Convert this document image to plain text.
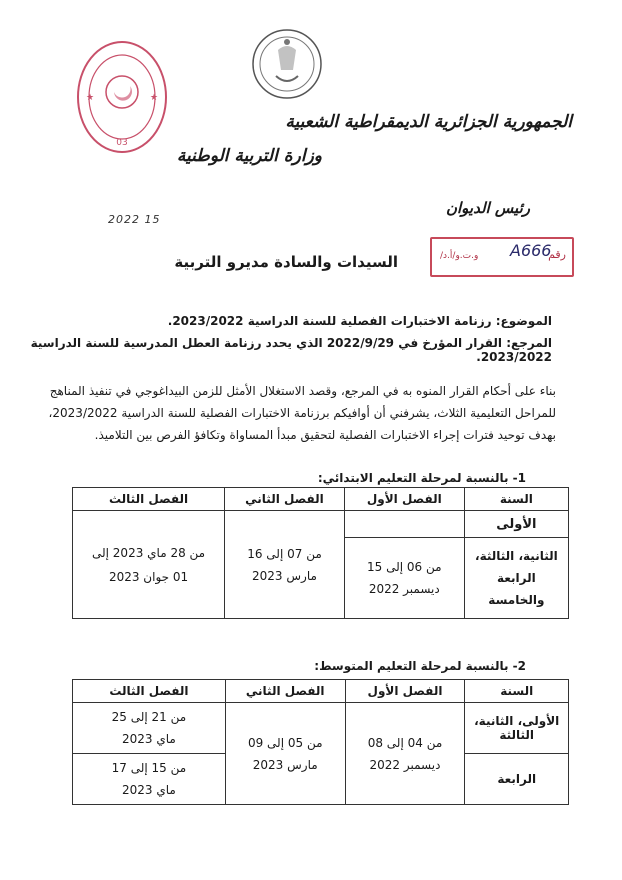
★	★
03
الجمهورية الجزائرية الديمقراطية الشعبية
وزارة التربية الوطنية
رئيس الديوان
2022 15
A666
رقم
/و.ت.و/أ.د
السيدات والسادة مديرو التربية
الموضوع: رزنامة الاختبارات الفصلية للسنة الدراسية 2023/2022.
المرجع: القرار المؤرخ في 2022/9/29 الذي يحدد رزنامة العطل المدرسية للسنة الدراسية 2023/2022.
بناء على أحكام القرار المنوه به في المرجع، وقصد الاستغلال الأمثل للزمن البيداغوجي في تنفيذ المناهج للمراحل التعليمية الثلاث، يشرفني أن أوافيكم برزنامة الاختبارات الفصلية للسنة الدراسية 2023/2022، بهدف توحيد فترات إجراء الاختبارات الفصلية لتحقيق مبدأ المساواة وتكافؤ الفرص بين التلاميذ.
1- بالنسبة لمرحلة التعليم الابتدائي:
السنة	الفصل الأول	الفصل الثاني	الفصل الثالث
الأولى		من 07 إلى 16 مارس 2023	من 28 ماي 2023 إلى 01 جوان 2023
الثانية، الثالثة، الرابعة والخامسة	من 06 إلى 15 ديسمبر 2022		
2- بالنسبة لمرحلة التعليم المتوسط:
السنة	الفصل الأول	الفصل الثاني	الفصل الثالث
الأولى، الثانية، الثالثة	من 04 إلى 08 ديسمبر 2022	من 05 إلى 09 مارس 2023	من 21 إلى 25 ماي 2023
الرابعة			من 15 إلى 17 ماي 2023
